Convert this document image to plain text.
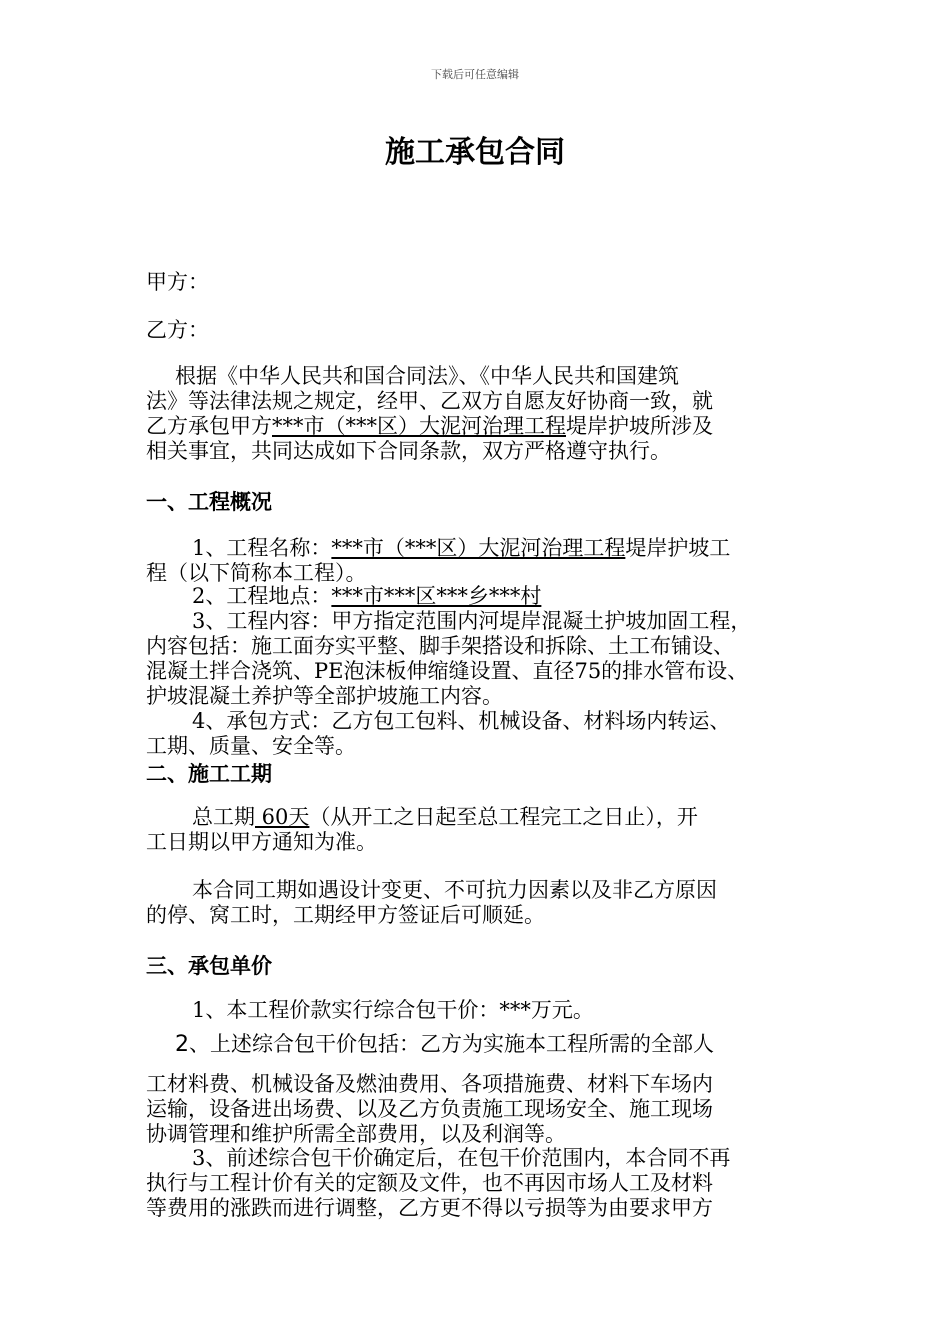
下载后可任意编辑
施工承包合同
甲方：
乙方：
根据《中华人民共和国合同法》、《中华人民共和国建筑
法》等法律法规之规定，经甲、乙双方自愿友好协商一致，就
乙方承包甲方***市（***区）大泥河治理工程堤岸护坡所涉及
相关事宜，共同达成如下合同条款，双方严格遵守执行。
一、工程概况
1、工程名称：***市（***区）大泥河治理工程堤岸护坡工
程（以下简称本工程）。
2、工程地点：***市***区***乡***村
3、工程内容：甲方指定范围内河堤岸混凝土护坡加固工程，
内容包括：施工面夯实平整、脚手架搭设和拆除、土工布铺设、
混凝土拌合浇筑、PE泡沫板伸缩缝设置、直径75的排水管布设、
护坡混凝土养护等全部护坡施工内容。
4、承包方式：乙方包工包料、机械设备、材料场内转运、
工期、质量、安全等。
二、施工工期
总工期 60天（从开工之日起至总工程完工之日止），开
工日期以甲方通知为准。
本合同工期如遇设计变更、不可抗力因素以及非乙方原因
的停、窝工时，工期经甲方签证后可顺延。
三、承包单价
1、本工程价款实行综合包干价：***万元。
2、上述综合包干价包括：乙方为实施本工程所需的全部人
工材料费、机械设备及燃油费用、各项措施费、材料下车场内
运输，设备进出场费、以及乙方负责施工现场安全、施工现场
协调管理和维护所需全部费用，以及利润等。
3、前述综合包干价确定后，在包干价范围内，本合同不再
执行与工程计价有关的定额及文件，也不再因市场人工及材料
等费用的涨跌而进行调整，乙方更不得以亏损等为由要求甲方
